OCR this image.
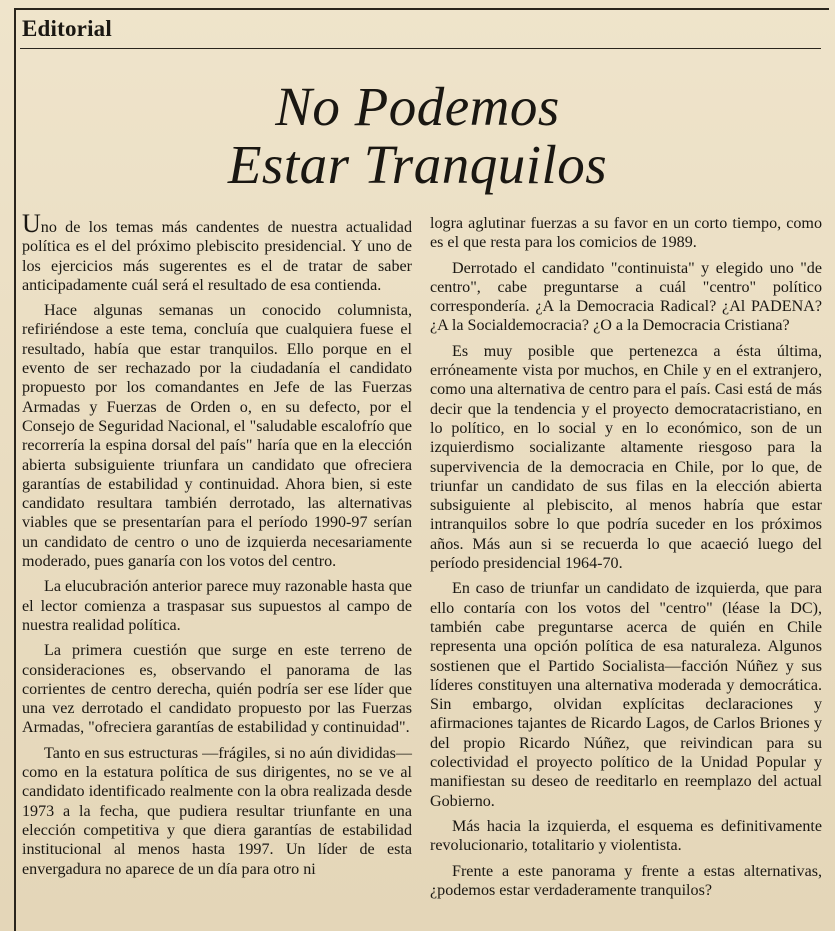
Editorial
No Podemos
Estar Tranquilos

Uno de los temas más candentes de nuestra actualidad política es el del próximo plebiscito presidencial. Y uno de los ejercicios más sugerentes es el de tratar de saber anticipadamente cuál será el resultado de esa contienda.

Hace algunas semanas un conocido columnista, refiriéndose a este tema, concluía que cualquiera fuese el resultado, había que estar tranquilos. Ello porque en el evento de ser rechazado por la ciudadanía el candidato propuesto por los comandantes en Jefe de las Fuerzas Armadas y Fuerzas de Orden o, en su defecto, por el Consejo de Seguridad Nacional, el "saludable escalofrío que recorrería la espina dorsal del país" haría que en la elección abierta subsiguiente triunfara un candidato que ofreciera garantías de estabilidad y continuidad. Ahora bien, si este candidato resultara también derrotado, las alternativas viables que se presentarían para el período 1990-97 serían un candidato de centro o uno de izquierda necesariamente moderado, pues ganaría con los votos del centro.

La elucubración anterior parece muy razonable hasta que el lector comienza a traspasar sus supuestos al campo de nuestra realidad política.

La primera cuestión que surge en este terreno de consideraciones es, observando el panorama de las corrientes de centro derecha, quién podría ser ese líder que una vez derrotado el candidato propuesto por las Fuerzas Armadas, "ofreciera garantías de estabilidad y continuidad".

Tanto en sus estructuras —frágiles, si no aún divididas— como en la estatura política de sus dirigentes, no se ve al candidato identificado realmente con la obra realizada desde 1973 a la fecha, que pudiera resultar triunfante en una elección competitiva y que diera garantías de estabilidad institucional al menos hasta 1997. Un líder de esta envergadura no aparece de un día para otro ni

logra aglutinar fuerzas a su favor en un corto tiempo, como es el que resta para los comicios de 1989.

Derrotado el candidato "continuista" y elegido uno "de centro", cabe preguntarse a cuál "centro" político correspondería. ¿A la Democracia Radical? ¿Al PADENA? ¿A la Socialdemocracia? ¿O a la Democracia Cristiana?

Es muy posible que pertenezca a ésta última, erróneamente vista por muchos, en Chile y en el extranjero, como una alternativa de centro para el país. Casi está de más decir que la tendencia y el proyecto democratacristiano, en lo político, en lo social y en lo económico, son de un izquierdismo socializante altamente riesgoso para la supervivencia de la democracia en Chile, por lo que, de triunfar un candidato de sus filas en la elección abierta subsiguiente al plebiscito, al menos habría que estar intranquilos sobre lo que podría suceder en los próximos años. Más aun si se recuerda lo que acaeció luego del período presidencial 1964-70.

En caso de triunfar un candidato de izquierda, que para ello contaría con los votos del "centro" (léase la DC), también cabe preguntarse acerca de quién en Chile representa una opción política de esa naturaleza. Algunos sostienen que el Partido Socialista—facción Núñez y sus líderes constituyen una alternativa moderada y democrática. Sin embargo, olvidan explícitas declaraciones y afirmaciones tajantes de Ricardo Lagos, de Carlos Briones y del propio Ricardo Núñez, que reivindican para su colectividad el proyecto político de la Unidad Popular y manifiestan su deseo de reeditarlo en reemplazo del actual Gobierno.

Más hacia la izquierda, el esquema es definitivamente revolucionario, totalitario y violentista.

Frente a este panorama y frente a estas alternativas, ¿podemos estar verdaderamente tranquilos?
